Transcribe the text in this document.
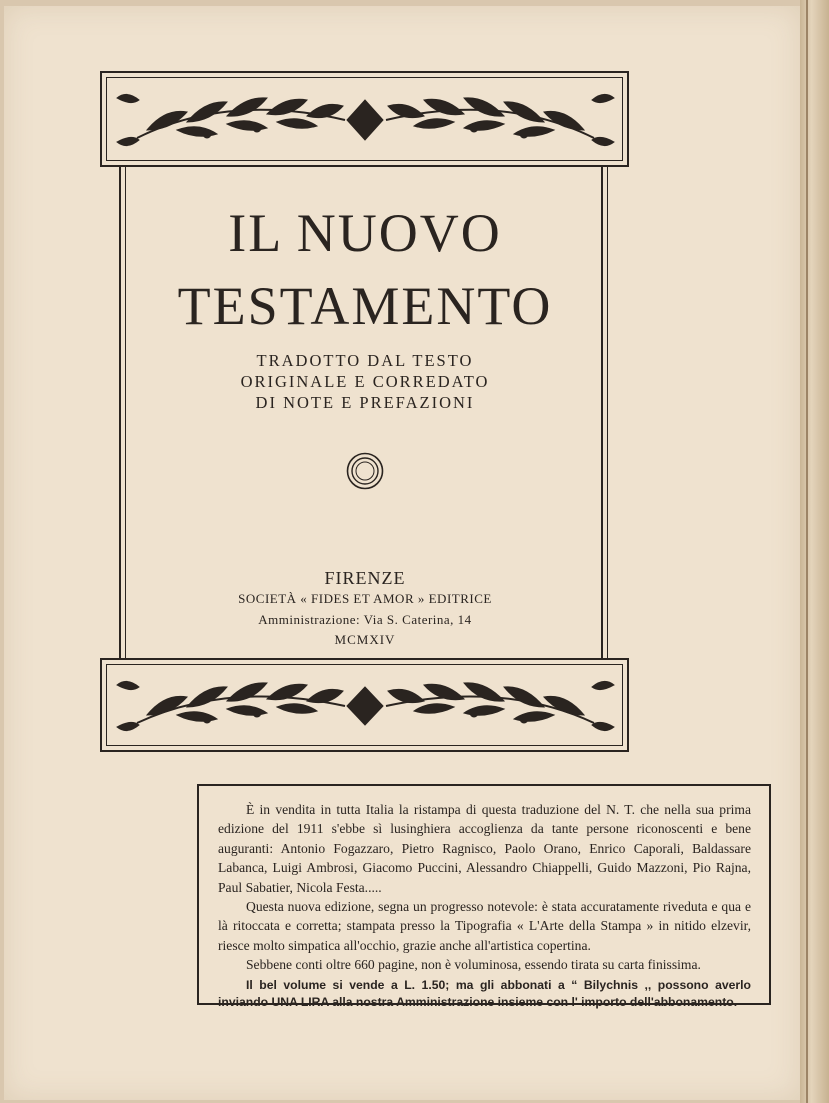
IL NUOVO
TESTAMENTO
TRADOTTO DAL TESTO
ORIGINALE E CORREDATO
DI NOTE E PREFAZIONI
FIRENZE
SOCIETÀ « FIDES ET AMOR » EDITRICE
Amministrazione: Via S. Caterina, 14
MCMXIV

È in vendita in tutta Italia la ristampa di questa traduzione del N. T. che nella sua prima edizione del 1911 s'ebbe sì lusinghiera accoglienza da tante persone riconoscenti e bene auguranti: Antonio Fogazzaro, Pietro Ragnisco, Paolo Orano, Enrico Caporali, Baldassare Labanca, Luigi Ambrosi, Giacomo Puccini, Alessandro Chiappelli, Guido Mazzoni, Pio Rajna, Paul Sabatier, Nicola Festa.....

Questa nuova edizione, segna un progresso notevole: è stata accuratamente riveduta e qua e là ritoccata e corretta; stampata presso la Tipografia « L'Arte della Stampa » in nitido elzevir, riesce molto simpatica all'occhio, grazie anche all'artistica copertina.

Sebbene conti oltre 660 pagine, non è voluminosa, essendo tirata su carta finissima.

Il bel volume si vende a L. 1.50; ma gli abbonati a “ Bilychnis ,, possono averlo inviando UNA LIRA alla nostra Amministrazione insieme con l' importo dell'abbonamento.
